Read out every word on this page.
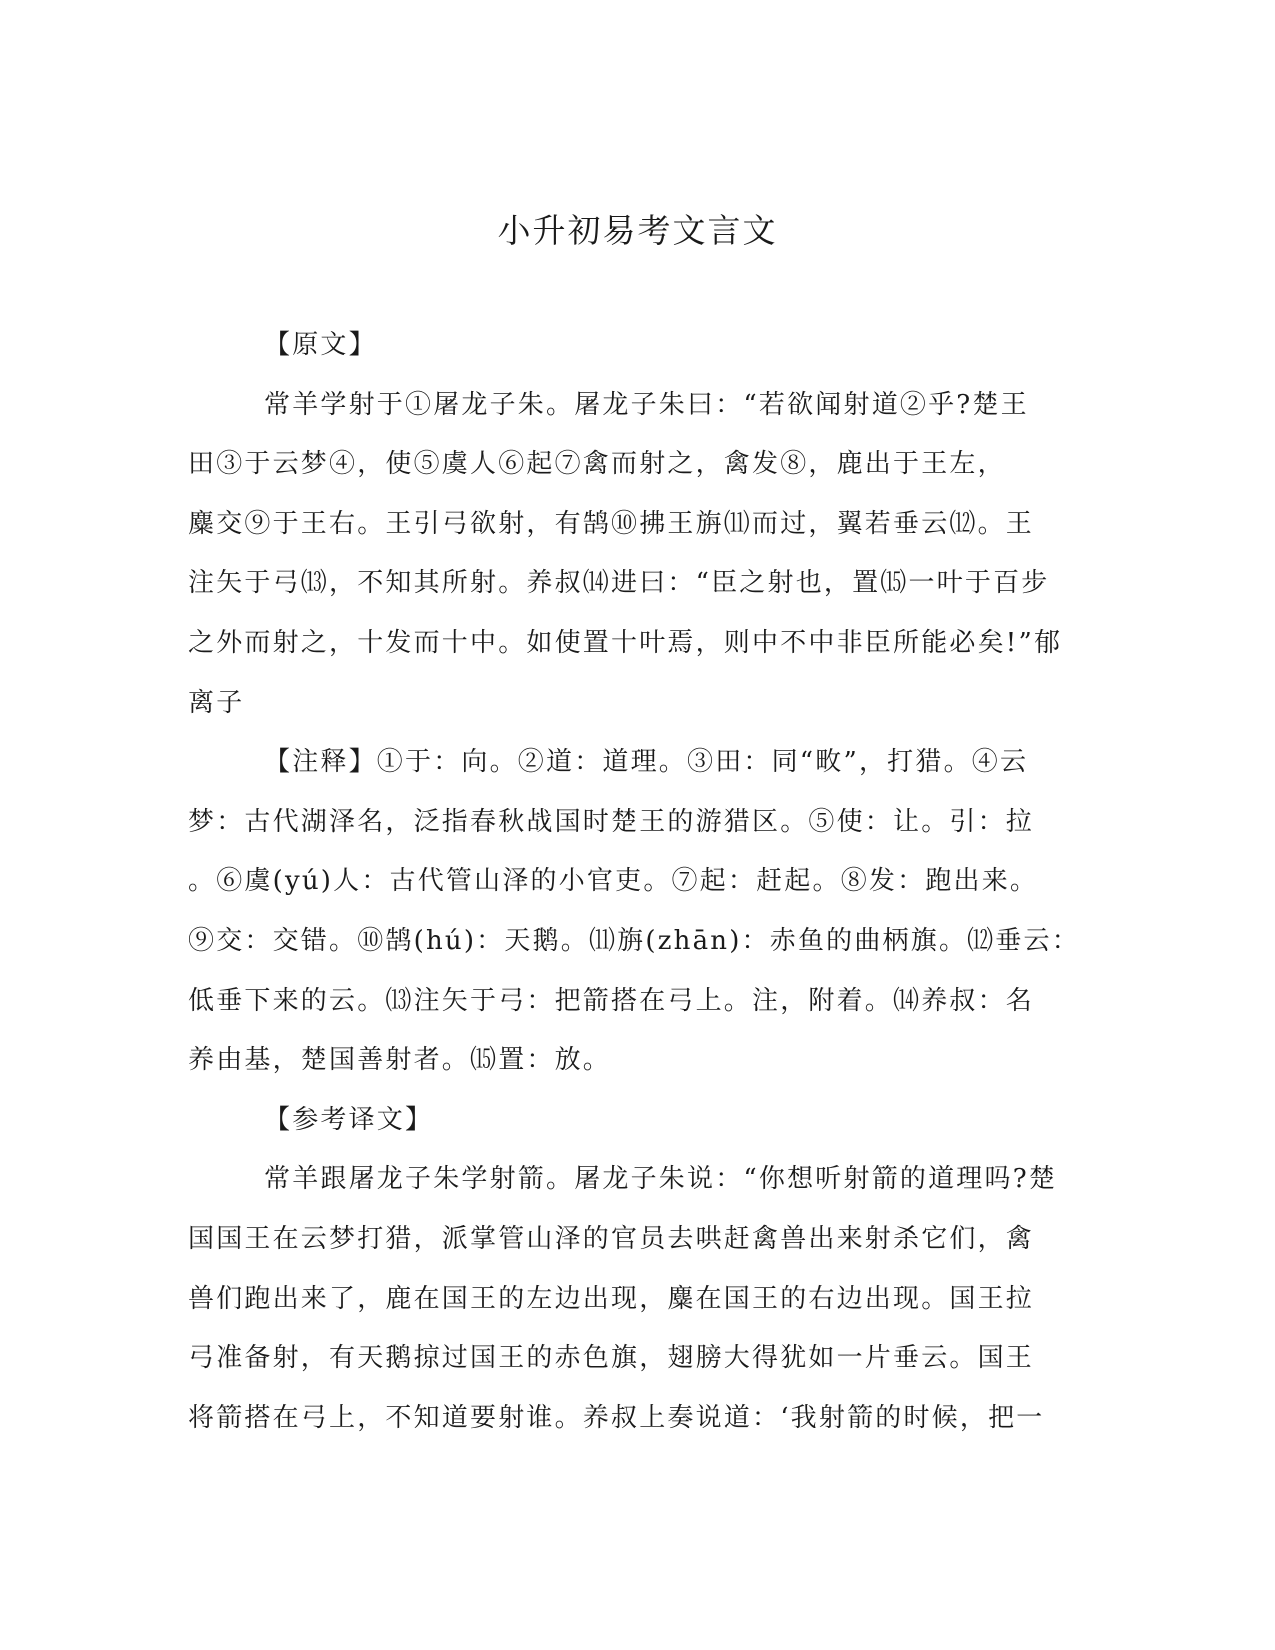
小升初易考文言文
【原文】
常羊学射于①屠龙子朱。屠龙子朱曰：“若欲闻射道②乎?楚王
田③于云梦④，使⑤虞人⑥起⑦禽而射之，禽发⑧，鹿出于王左，
麋交⑨于王右。王引弓欲射，有鹄⑩拂王旃⑾而过，翼若垂云⑿。王
注矢于弓⒀，不知其所射。养叔⒁进曰：“臣之射也，置⒂一叶于百步
之外而射之，十发而十中。如使置十叶焉，则中不中非臣所能必矣!”郁
离子
【注释】①于：向。②道：道理。③田：同“畋”，打猎。④云
梦：古代湖泽名，泛指春秋战国时楚王的游猎区。⑤使：让。引：拉
。⑥虞(yú)人：古代管山泽的小官吏。⑦起：赶起。⑧发：跑出来。
⑨交：交错。⑩鹄(hú)：天鹅。⑾旃(zhān)：赤鱼的曲柄旗。⑿垂云：
低垂下来的云。⒀注矢于弓：把箭搭在弓上。注，附着。⒁养叔：名
养由基，楚国善射者。⒂置：放。
【参考译文】
常羊跟屠龙子朱学射箭。屠龙子朱说：“你想听射箭的道理吗?楚
国国王在云梦打猎，派掌管山泽的官员去哄赶禽兽出来射杀它们，禽
兽们跑出来了，鹿在国王的左边出现，麋在国王的右边出现。国王拉
弓准备射，有天鹅掠过国王的赤色旗，翅膀大得犹如一片垂云。国王
将箭搭在弓上，不知道要射谁。养叔上奏说道：‘我射箭的时候，把一
